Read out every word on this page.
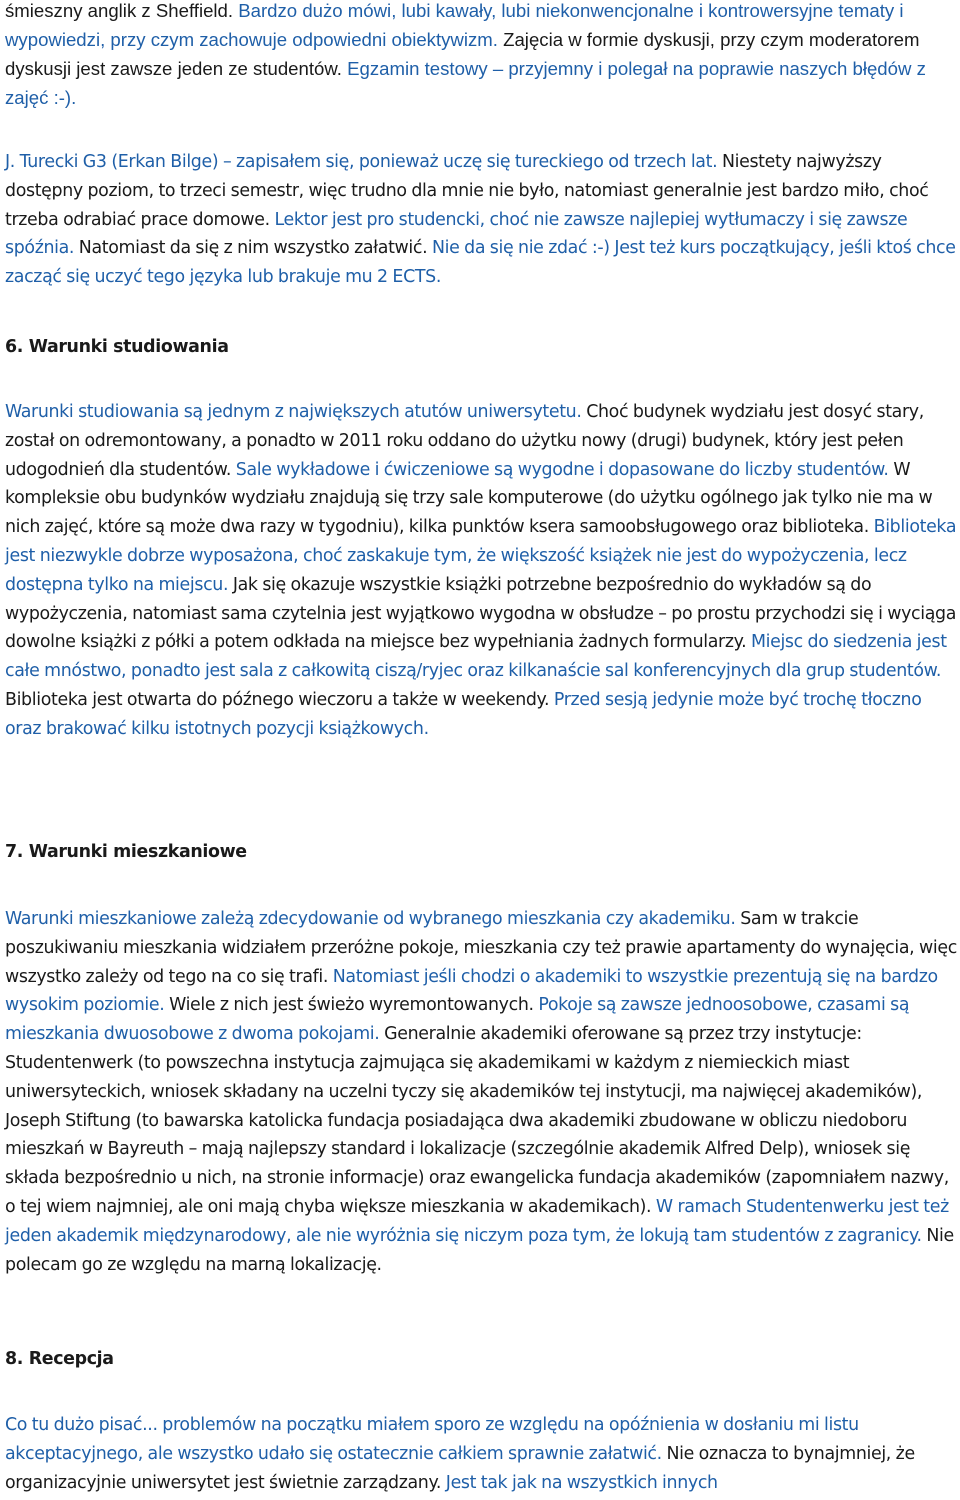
śmieszny anglik z Sheffield. Bardzo dużo mówi, lubi kawały, lubi niekonwencjonalne i kontrowersyjne tematy i wypowiedzi, przy czym zachowuje odpowiedni obiektywizm. Zajęcia w formie dyskusji, przy czym moderatorem dyskusji jest zawsze jeden ze studentów. Egzamin testowy – przyjemny i polegał na poprawie naszych błędów z zajęć :-).

J. Turecki G3 (Erkan Bilge) – zapisałem się, ponieważ uczę się tureckiego od trzech lat. Niestety najwyższy dostępny poziom, to trzeci semestr, więc trudno dla mnie nie było, natomiast generalnie jest bardzo miło, choć trzeba odrabiać prace domowe. Lektor jest pro studencki, choć nie zawsze najlepiej wytłumaczy i się zawsze spóźnia. Natomiast da się z nim wszystko załatwić. Nie da się nie zdać :-) Jest też kurs początkujący, jeśli ktoś chce zacząć się uczyć tego języka lub brakuje mu 2 ECTS.

6. Warunki studiowania

Warunki studiowania są jednym z największych atutów uniwersytetu. Choć budynek wydziału jest dosyć stary, został on odremontowany, a ponadto w 2011 roku oddano do użytku nowy (drugi) budynek, który jest pełen udogodnień dla studentów. Sale wykładowe i ćwiczeniowe są wygodne i dopasowane do liczby studentów. W kompleksie obu budynków wydziału znajdują się trzy sale komputerowe (do użytku ogólnego jak tylko nie ma w nich zajęć, które są może dwa razy w tygodniu), kilka punktów ksera samoobsługowego oraz biblioteka. Biblioteka jest niezwykle dobrze wyposażona, choć zaskakuje tym, że większość książek nie jest do wypożyczenia, lecz dostępna tylko na miejscu. Jak się okazuje wszystkie książki potrzebne bezpośrednio do wykładów są do wypożyczenia, natomiast sama czytelnia jest wyjątkowo wygodna w obsłudze – po prostu przychodzi się i wyciąga dowolne książki z półki a potem odkłada na miejsce bez wypełniania żadnych formularzy. Miejsc do siedzenia jest całe mnóstwo, ponadto jest sala z całkowitą ciszą/ryjec oraz kilkanaście sal konferencyjnych dla grup studentów. Biblioteka jest otwarta do późnego wieczoru a także w weekendy. Przed sesją jedynie może być trochę tłoczno oraz brakować kilku istotnych pozycji książkowych.

7. Warunki mieszkaniowe

Warunki mieszkaniowe zależą zdecydowanie od wybranego mieszkania czy akademiku. Sam w trakcie poszukiwaniu mieszkania widziałem przeróżne pokoje, mieszkania czy też prawie apartamenty do wynajęcia, więc wszystko zależy od tego na co się trafi. Natomiast jeśli chodzi o akademiki to wszystkie prezentują się na bardzo wysokim poziomie. Wiele z nich jest świeżo wyremontowanych. Pokoje są zawsze jednoosobowe, czasami są mieszkania dwuosobowe z dwoma pokojami. Generalnie akademiki oferowane są przez trzy instytucje: Studentenwerk (to powszechna instytucja zajmująca się akademikami w każdym z niemieckich miast uniwersyteckich, wniosek składany na uczelni tyczy się akademików tej instytucji, ma najwięcej akademików), Joseph Stiftung (to bawarska katolicka fundacja posiadająca dwa akademiki zbudowane w obliczu niedoboru mieszkań w Bayreuth – mają najlepszy standard i lokalizacje (szczególnie akademik Alfred Delp), wniosek się składa bezpośrednio u nich, na stronie informacje) oraz ewangelicka fundacja akademików (zapomniałem nazwy, o tej wiem najmniej, ale oni mają chyba większe mieszkania w akademikach). W ramach Studentenwerku jest też jeden akademik międzynarodowy, ale nie wyróżnia się niczym poza tym, że lokują tam studentów z zagranicy. Nie polecam go ze względu na marną lokalizację.

8. Recepcja

Co tu dużo pisać... problemów na początku miałem sporo ze względu na opóźnienia w dosłaniu mi listu akceptacyjnego, ale wszystko udało się ostatecznie całkiem sprawnie załatwić. Nie oznacza to bynajmniej, że organizacyjnie uniwersytet jest świetnie zarządzany. Jest tak jak na wszystkich innych
